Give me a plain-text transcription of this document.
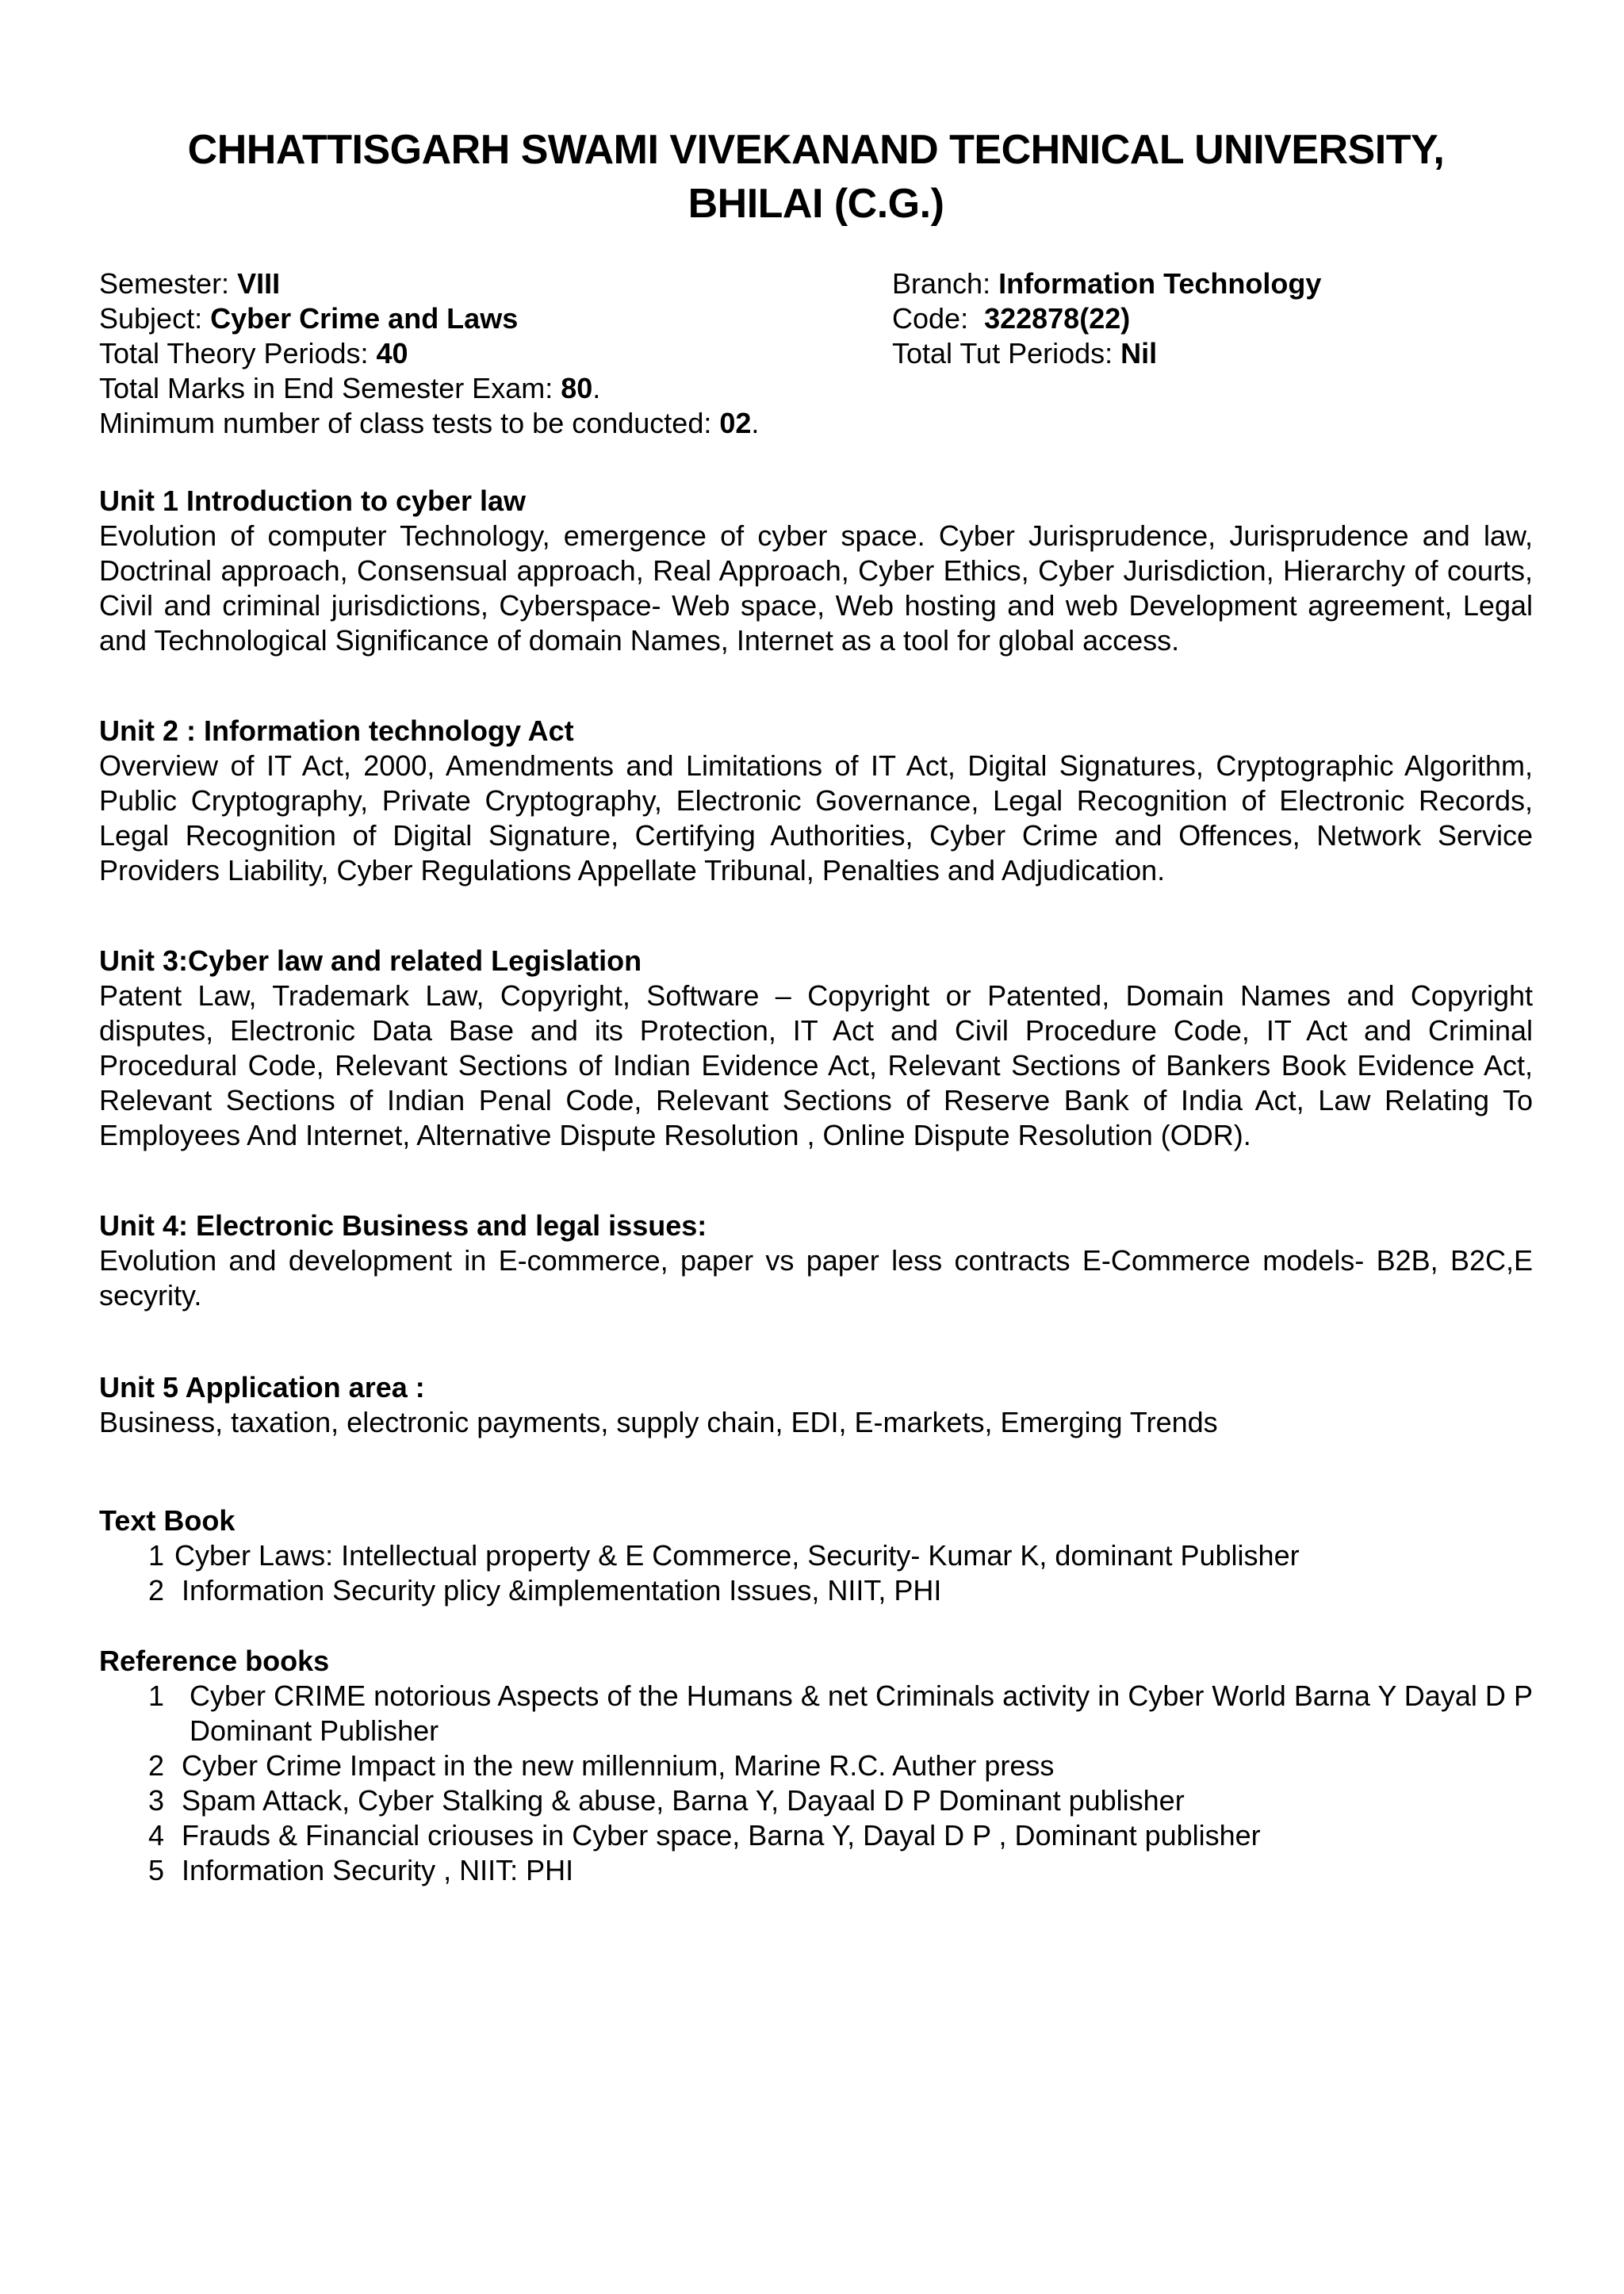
CHHATTISGARH SWAMI VIVEKANAND TECHNICAL UNIVERSITY,
BHILAI (C.G.)
Semester: VIII
Subject: Cyber Crime and Laws
Total Theory Periods: 40
Total Marks in End Semester Exam: 80.
Minimum number of class tests to be conducted: 02.
Branch: Information Technology
Code:  322878(22)
Total Tut Periods: Nil
Unit 1 Introduction to cyber law

Evolution of computer Technology, emergence of cyber space. Cyber Jurisprudence, Jurisprudence and law, Doctrinal approach, Consensual approach, Real Approach, Cyber Ethics, Cyber Jurisdiction, Hierarchy of courts, Civil and criminal jurisdictions, Cyberspace- Web space, Web hosting and web Development agreement, Legal and Technological Significance of domain Names, Internet as a tool for global access.

Unit 2 : Information technology Act

Overview of IT Act, 2000, Amendments and Limitations of IT Act, Digital Signatures, Cryptographic Algorithm, Public Cryptography, Private Cryptography, Electronic Governance, Legal Recognition of Electronic Records, Legal Recognition of Digital Signature, Certifying Authorities, Cyber Crime and Offences, Network Service Providers Liability, Cyber Regulations Appellate Tribunal, Penalties and Adjudication.

Unit 3:Cyber law and related Legislation

Patent Law, Trademark Law, Copyright, Software – Copyright or Patented, Domain Names and Copyright disputes, Electronic Data Base and its Protection, IT Act and Civil Procedure Code, IT Act and Criminal Procedural Code, Relevant Sections of Indian Evidence Act, Relevant Sections of Bankers Book Evidence Act, Relevant Sections of Indian Penal Code, Relevant Sections of Reserve Bank of India Act, Law Relating To Employees And Internet, Alternative Dispute Resolution , Online Dispute Resolution (ODR).

Unit 4: Electronic Business and legal issues:

Evolution and development in E-commerce, paper vs paper less contracts E-Commerce models- B2B, B2C,E secyrity.

Unit 5 Application area :

Business, taxation, electronic payments, supply chain, EDI, E-markets, Emerging Trends

Text Book
1 Cyber Laws: Intellectual property & E Commerce, Security- Kumar K, dominant Publisher
2 Information Security plicy &implementation Issues, NIIT, PHI
Reference books
1 Cyber CRIME notorious Aspects of the Humans & net Criminals activity in Cyber World Barna Y Dayal D P Dominant Publisher
2 Cyber Crime Impact in the new millennium, Marine R.C. Auther press
3 Spam Attack, Cyber Stalking & abuse, Barna Y, Dayaal D P Dominant publisher
4 Frauds & Financial criouses in Cyber space, Barna Y, Dayal D P , Dominant publisher
5 Information Security , NIIT: PHI
